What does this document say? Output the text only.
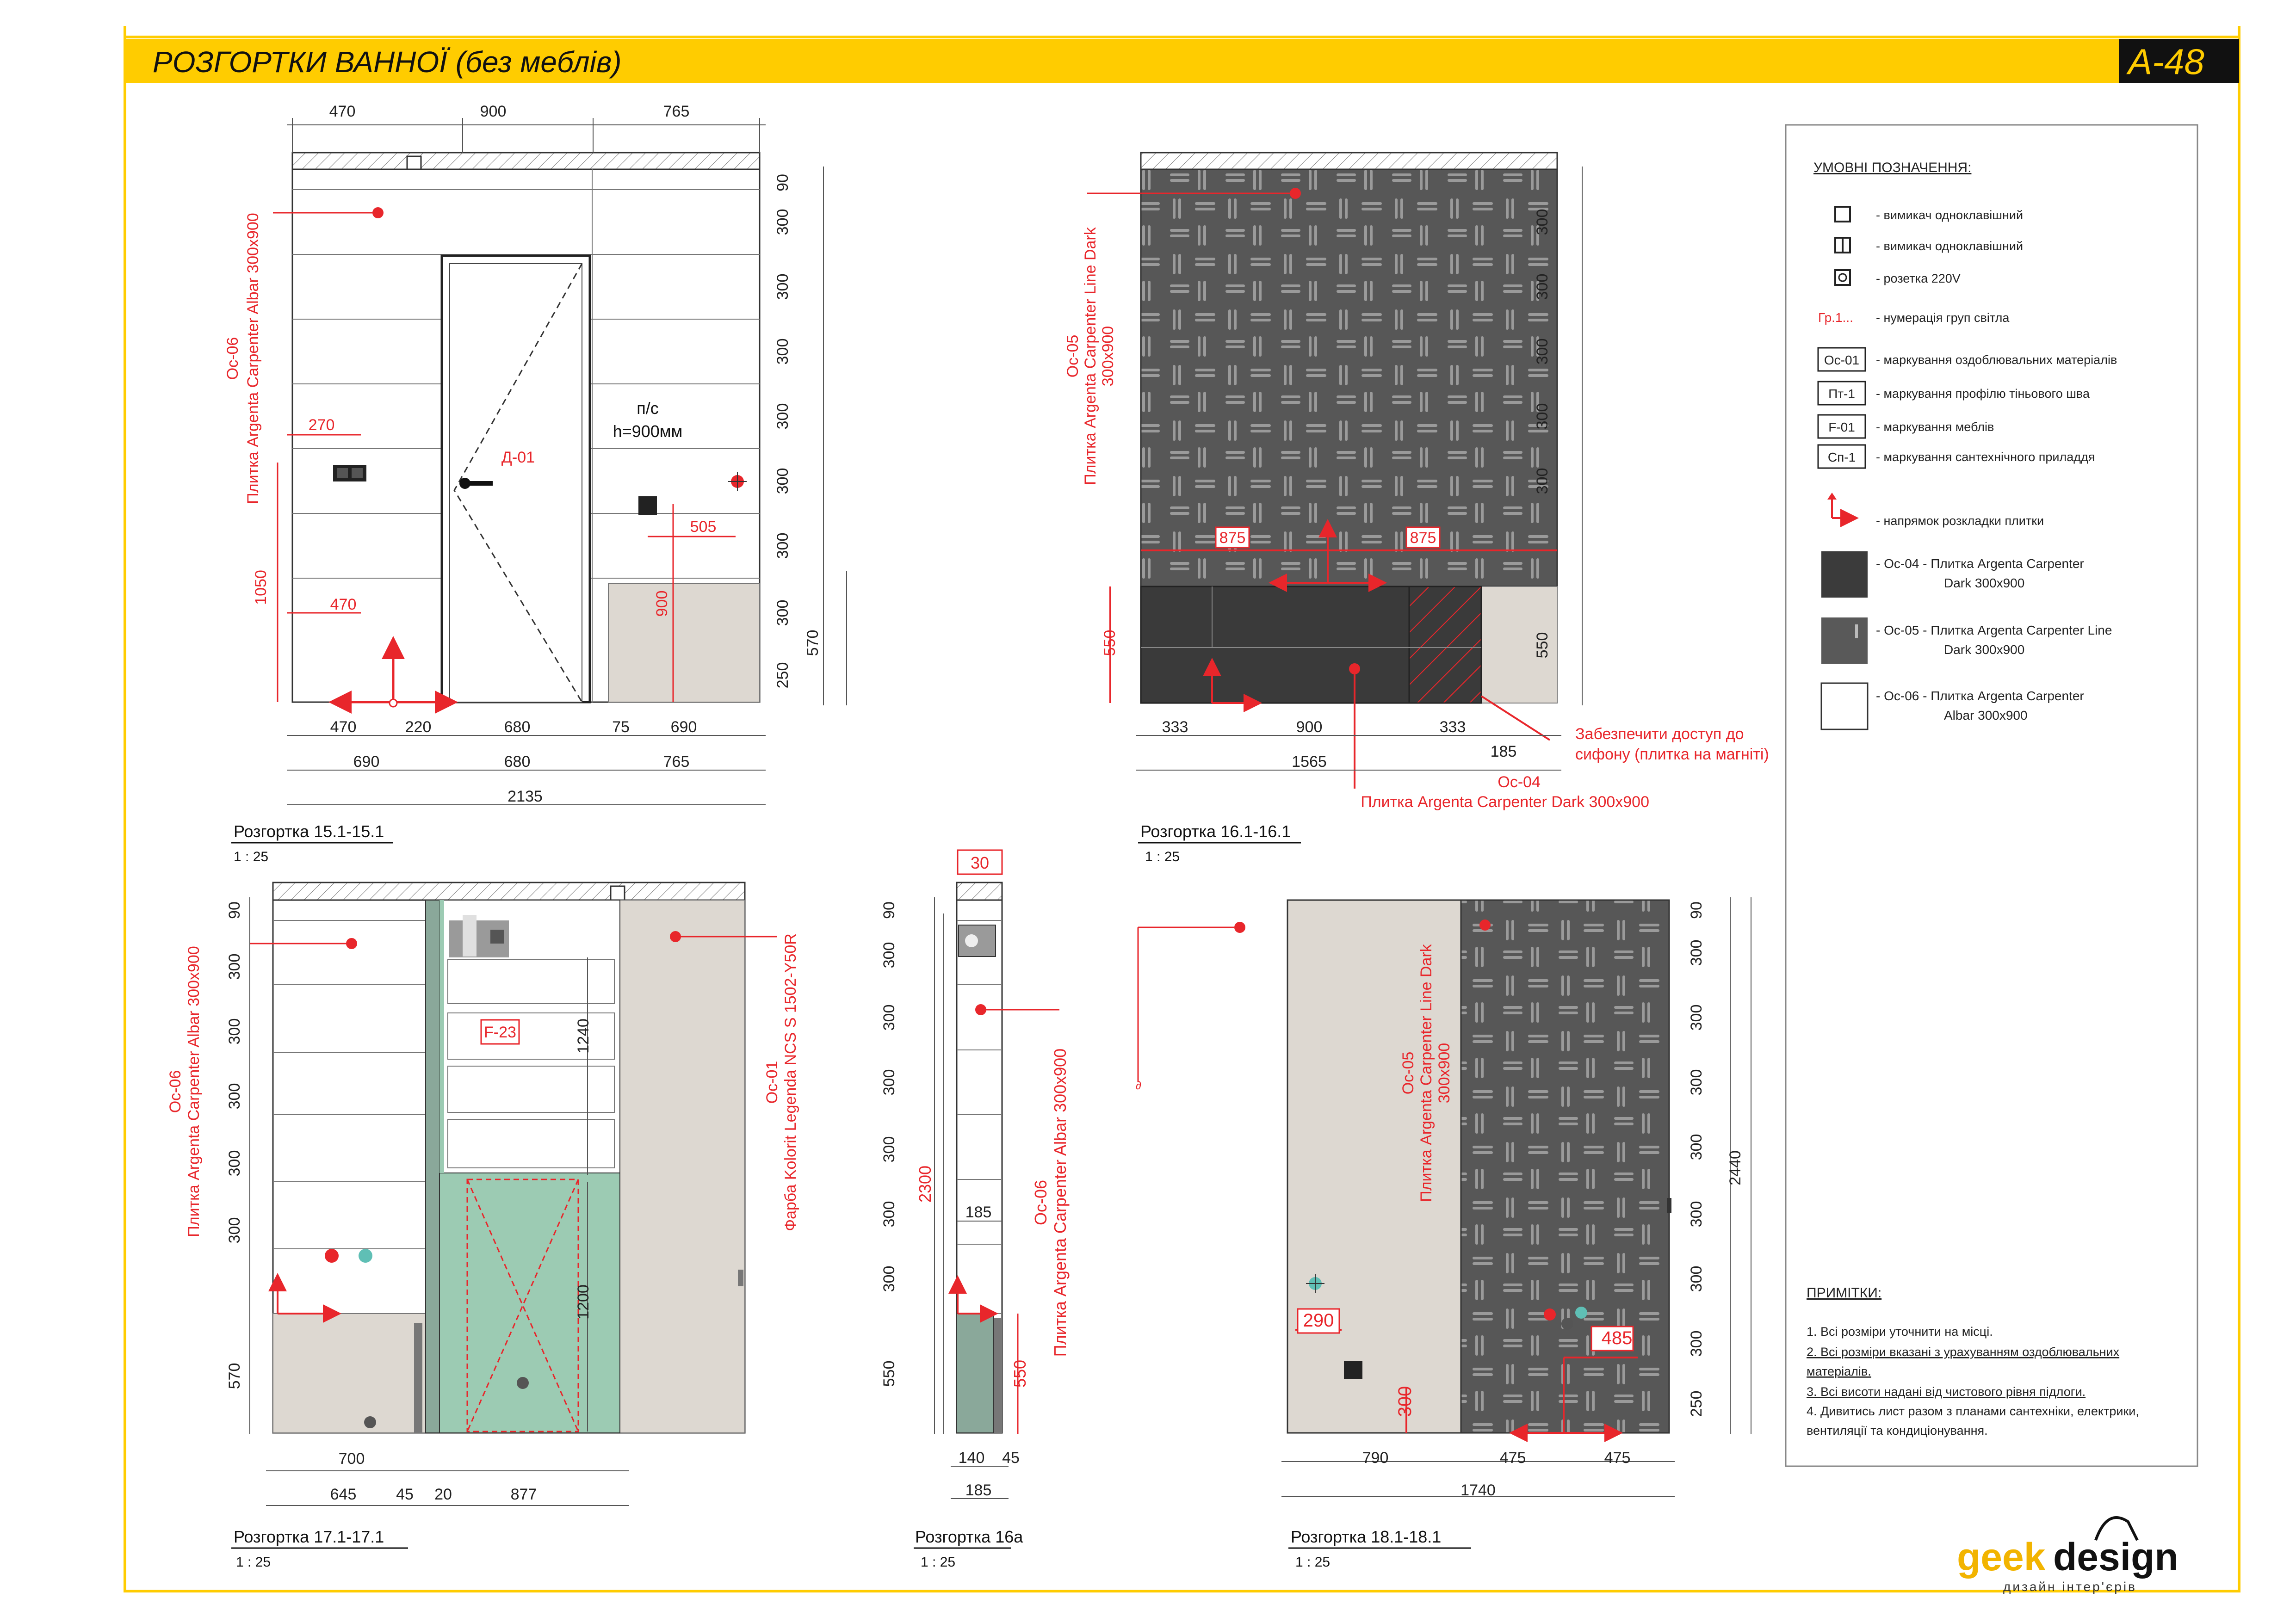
РОЗГОРТКИ ВАННОЇ (без меблів)	А-48
УМОВНІ ПОЗНАЧЕННЯ:
- вимикач одноклавішний
- вимикач одноклавішний
- розетка 220V
Гр.1... - нумерація груп світла
Ос-01 - маркування оздоблювальних матеріалів
Пт-1 - маркування профілю тіньового шва
F-01 - маркування меблів
Сп-1 - маркування сантехнічного приладдя
- напрямок розкладки плитки
- Ос-04 - Плитка Argenta Carpenter
Dark 300x900
- Ос-05 - Плитка Argenta Carpenter Line
Dark 300x900
- Ос-06 - Плитка Argenta Carpenter
Albar 300x900
ПРИМІТКИ:
1. Всі розміри уточнити на місці.
2. Всі розміри вказані з урахуванням оздоблювальних
матеріалів.
3. Всі висоти надані від чистового рівня підлоги.
4. Дивитись лист разом з планами сантехніки, електрики,
вентиляції та кондиціонування.
geek design
дизайн інтер'єрів
470	900	765
470	220	680	75	690
690	680	765
2135
90
300
300
300
300
300
300
300
250
570
270
470
1050
505
900
Д-01
Ос-06 Плитка Argenta Carpenter Albar 300х900	п/с
h=900мм
Розгортка 15.1-15.1
1 : 25
300
300
300
300
300
550
333	900	333
1565
185
875	875
550
Ос-05 Плитка Argenta Carpenter Line Dark 300х900
Забезпечити доступ до
сифону (плитка на магніті)
Ос-04
Плитка Argenta Carpenter Dark 300х900
Розгортка 16.1-16.1
1 : 25
90
300
300
300
300
300
570
700
645	45 20	877
1240
1200
F-23
Ос-06 Плитка Argenta Carpenter Albar 300х900	Ос-01 Фарба Kolorit Legenda NCS S 1502-Y50R
Розгортка 17.1-17.1
1 : 25
90
300
300
300
300
300
300
550
185
140 45
185
30
2300
550
Ос-06 Плитка Argenta Carpenter Albar 300х900
Розгортка 16а
1 : 25
∂
90
300
300
300
300
300
300
300
250
2440
790	475	475
1740
290
300
485
Ос-05 Плитка Argenta Carpenter Line Dark 300х900
Розгортка 18.1-18.1
1 : 25
